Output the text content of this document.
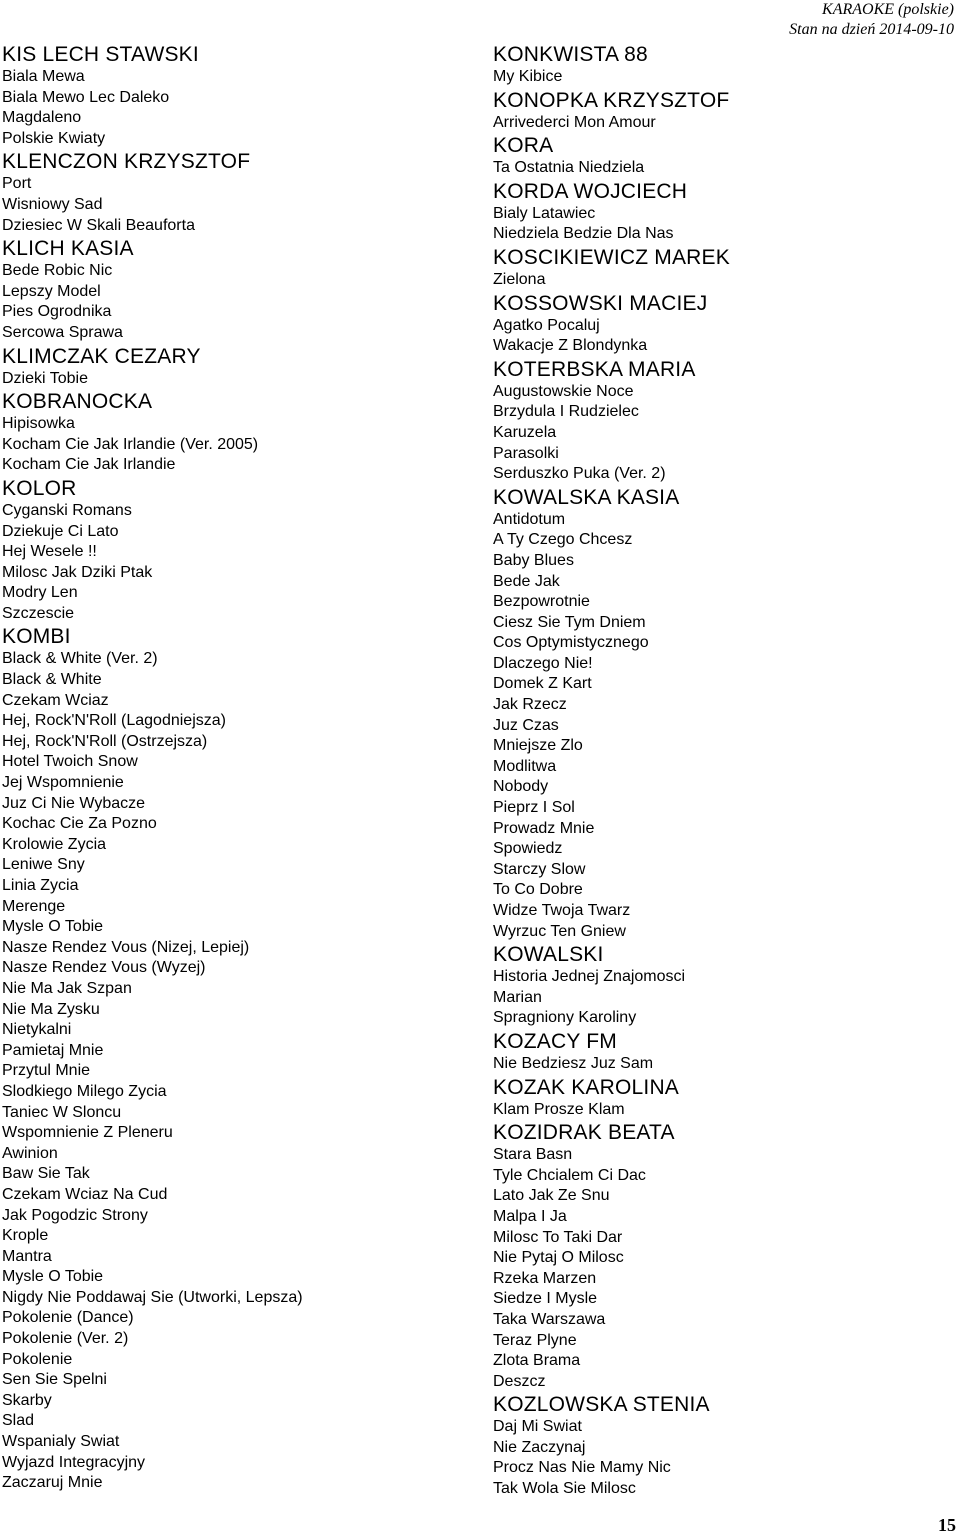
KARAOKE (polskie)
Stan na dzień 2014-09-10
KIS LECH STAWSKI
Biala Mewa
Biala Mewo Lec Daleko
Magdaleno
Polskie Kwiaty
KLENCZON KRZYSZTOF
Port
Wisniowy Sad
Dziesiec W Skali Beauforta
KLICH KASIA
Bede Robic Nic
Lepszy Model
Pies Ogrodnika
Sercowa Sprawa
KLIMCZAK CEZARY
Dzieki Tobie
KOBRANOCKA
Hipisowka
Kocham Cie Jak Irlandie (Ver. 2005)
Kocham Cie Jak Irlandie
KOLOR
Cyganski Romans
Dziekuje Ci Lato
Hej Wesele !!
Milosc Jak Dziki Ptak
Modry Len
Szczescie
KOMBI
Black & White (Ver. 2)
Black & White
Czekam Wciaz
Hej, Rock'N'Roll (Lagodniejsza)
Hej, Rock'N'Roll (Ostrzejsza)
Hotel Twoich Snow
Jej Wspomnienie
Juz Ci Nie Wybacze
Kochac Cie Za Pozno
Krolowie Zycia
Leniwe Sny
Linia Zycia
Merenge
Mysle O Tobie
Nasze Rendez Vous (Nizej, Lepiej)
Nasze Rendez Vous (Wyzej)
Nie Ma Jak Szpan
Nie Ma Zysku
Nietykalni
Pamietaj Mnie
Przytul Mnie
Slodkiego Milego Zycia
Taniec W Sloncu
Wspomnienie Z Pleneru
Awinion
Baw Sie Tak
Czekam Wciaz Na Cud
Jak Pogodzic Strony
Krople
Mantra
Mysle O Tobie
Nigdy Nie Poddawaj Sie (Utworki, Lepsza)
Pokolenie (Dance)
Pokolenie (Ver. 2)
Pokolenie
Sen Sie Spelni
Skarby
Slad
Wspanialy Swiat
Wyjazd Integracyjny
Zaczaruj Mnie
KONKWISTA 88
My Kibice
KONOPKA KRZYSZTOF
Arrivederci Mon Amour
KORA
Ta Ostatnia Niedziela
KORDA WOJCIECH
Bialy Latawiec
Niedziela Bedzie Dla Nas
KOSCIKIEWICZ MAREK
Zielona
KOSSOWSKI MACIEJ
Agatko Pocaluj
Wakacje Z Blondynka
KOTERBSKA MARIA
Augustowskie Noce
Brzydula I Rudzielec
Karuzela
Parasolki
Serduszko Puka (Ver. 2)
KOWALSKA KASIA
Antidotum
A Ty Czego Chcesz
Baby Blues
Bede Jak
Bezpowrotnie
Ciesz Sie Tym Dniem
Cos Optymistycznego
Dlaczego Nie!
Domek Z Kart
Jak Rzecz
Juz Czas
Mniejsze Zlo
Modlitwa
Nobody
Pieprz I Sol
Prowadz Mnie
Spowiedz
Starczy Slow
To Co Dobre
Widze Twoja Twarz
Wyrzuc Ten Gniew
KOWALSKI
Historia Jednej Znajomosci
Marian
Spragniony Karoliny
KOZACY FM
Nie Bedziesz Juz Sam
KOZAK KAROLINA
Klam Prosze Klam
KOZIDRAK BEATA
Stara Basn
Tyle Chcialem Ci Dac
Lato Jak Ze Snu
Malpa I Ja
Milosc To Taki Dar
Nie Pytaj O Milosc
Rzeka Marzen
Siedze I Mysle
Taka Warszawa
Teraz Plyne
Zlota Brama
Deszcz
KOZLOWSKA STENIA
Daj Mi Swiat
Nie Zaczynaj
Procz Nas Nie Mamy Nic
Tak Wola Sie Milosc
15
